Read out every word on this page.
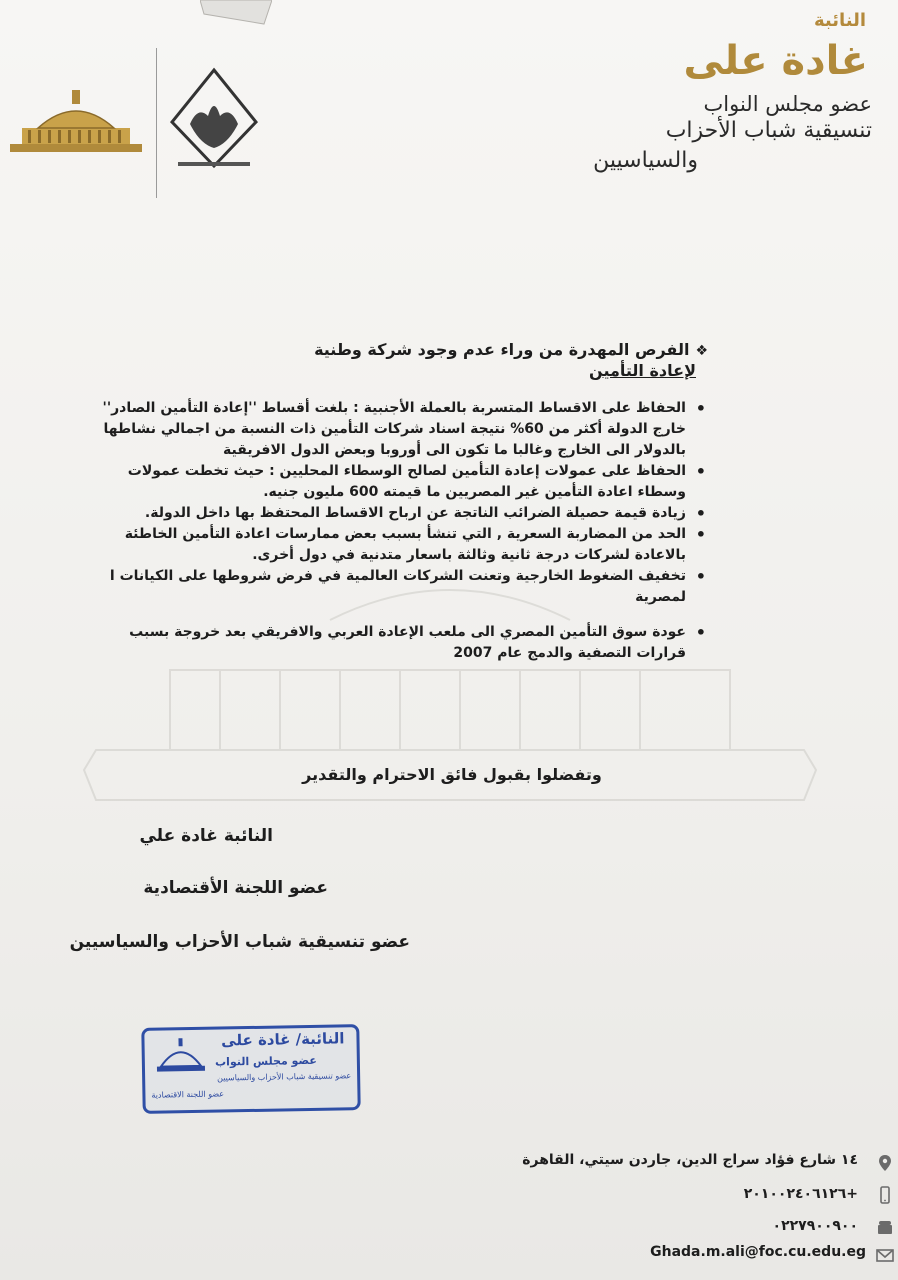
النائبة
غادة على
عضو مجلس النواب
تنسيقية شباب الأحزاب
والسياسيين
❖الفرص المهدرة من وراء عدم وجود شركة وطنية
لإعادة التأمين
• الحفاظ على الاقساط المتسربة بالعملة الأجنبية : بلغت أقساط ''إعادة التأمين الصادر'' خارج الدولة أكثر من 60% نتيجة اسناد شركات التأمين ذات النسبة من اجمالي نشاطها بالدولار الى الخارج وغالبا ما تكون الى أوروبا وبعض الدول الافريقية
• الحفاظ على عمولات إعادة التأمين لصالح الوسطاء المحليين : حيث تخطت عمولات وسطاء اعادة التأمين غير المصريين ما قيمته 600 مليون جنيه.
• زيادة قيمة حصيلة الضرائب الناتجة عن ارباح الاقساط المحتفظ بها داخل الدولة.
• الحد من المضاربة السعرية , التي تنشأ بسبب بعض ممارسات اعادة التأمين الخاطئة بالاعادة لشركات درجة ثانية وثالثة باسعار متدنية في دول أخرى.
• تخفيف الضغوط الخارجية وتعنت الشركات العالمية في فرض شروطها على الكيانات ا لمصرية
• عودة سوق التأمين المصري الى ملعب الإعادة العربي والافريقي بعد خروجة بسبب قرارات التصفية والدمج عام 2007
وتفضلوا بقبول فائق الاحترام والتقدير
النائبة غادة علي
عضو اللجنة الأقتصادية
عضو تنسيقية شباب الأحزاب والسياسيين
النائبة/ غادة على
عضو مجلس النواب
عضو تنسيقية شباب الأحزاب والسياسيين
عضو اللجنة الاقتصادية
١٤ شارع فؤاد سراج الدين، جاردن سيتي، القاهرة
+٢٠١٠٠٢٤٠٦١٢٦
٠٢٢٧٩٠٠٩٠٠
Ghada.m.ali@foc.cu.edu.eg
